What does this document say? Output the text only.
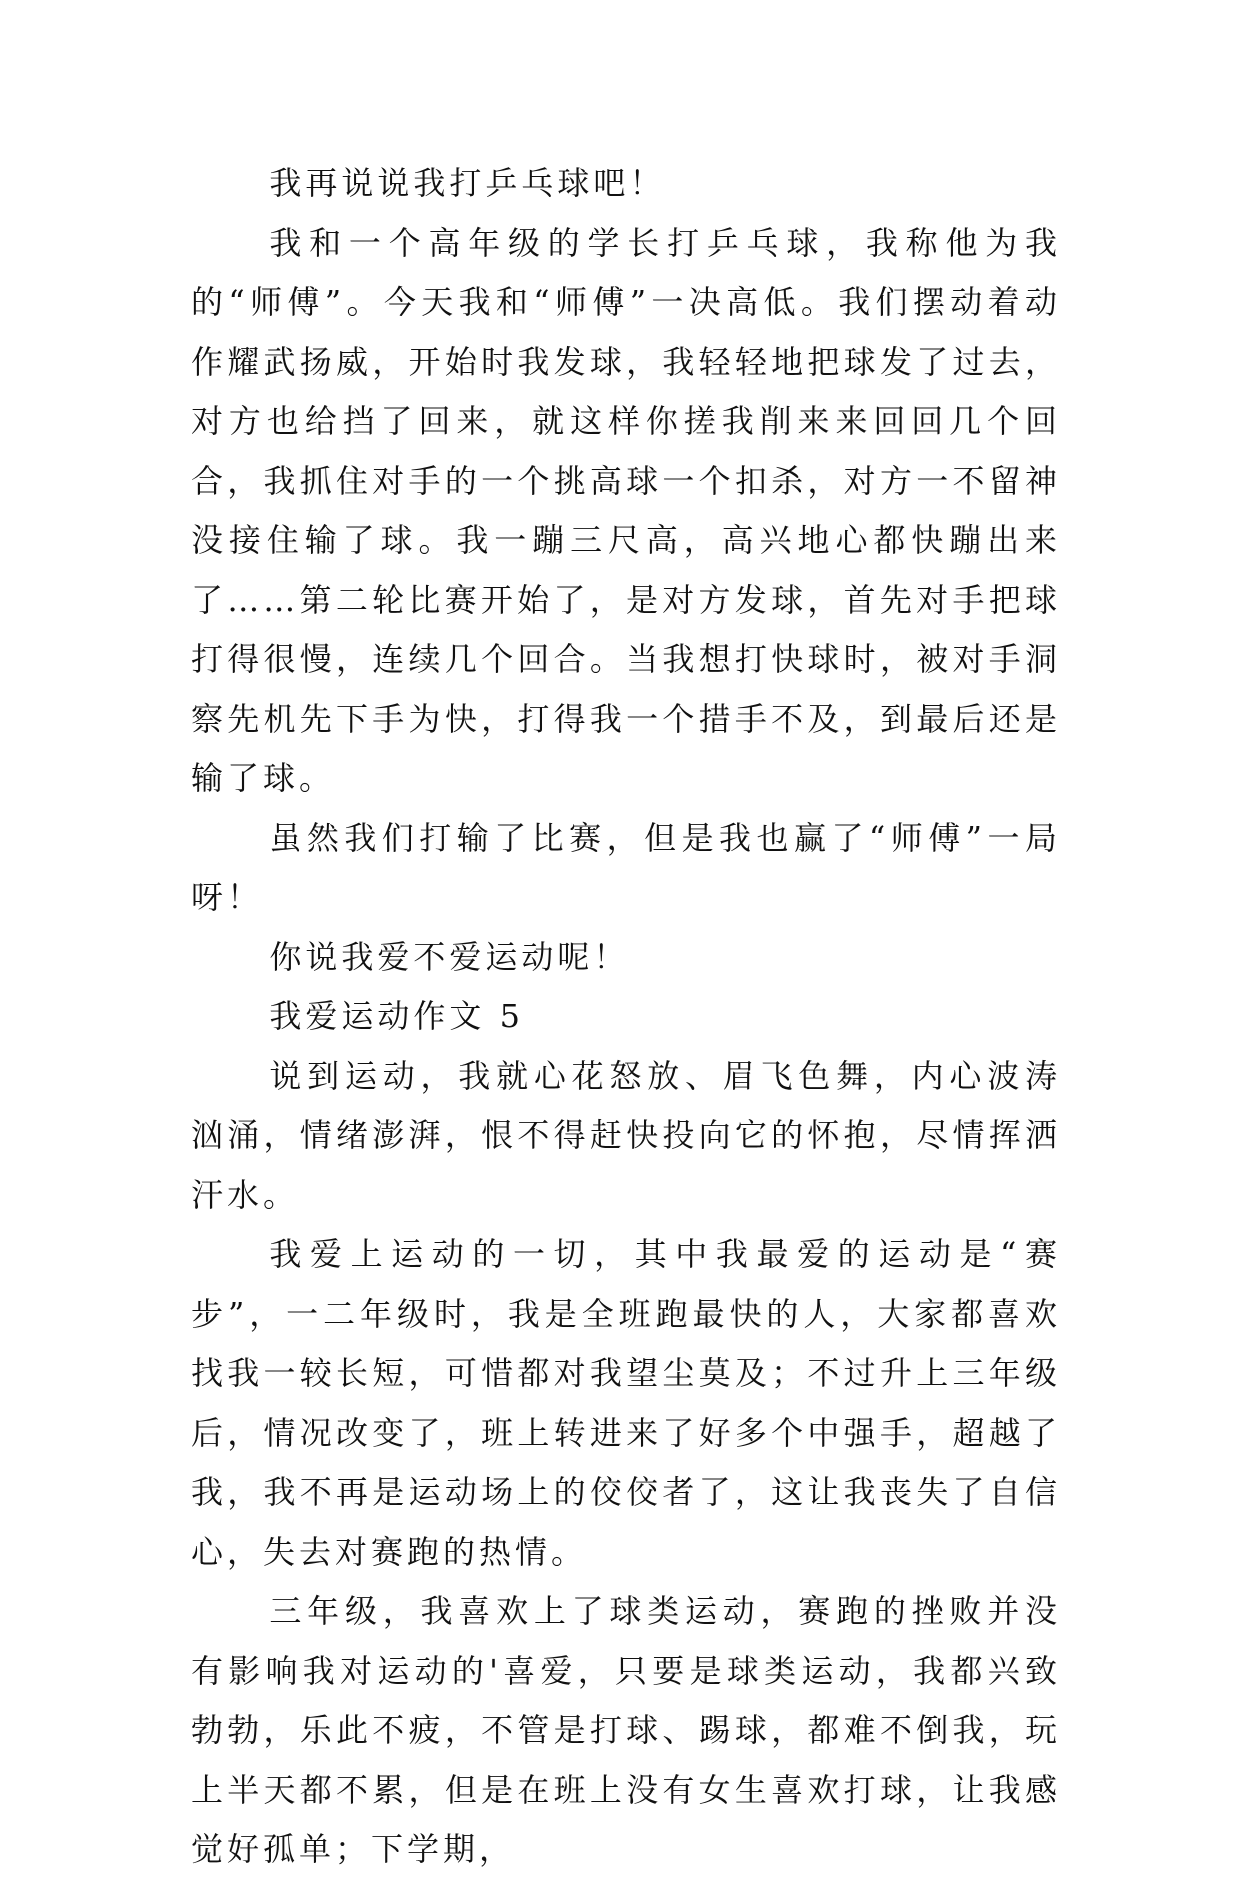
我再说说我打乒乓球吧！

我和一个高年级的学长打乒乓球，我称他为我的“师傅”。今天我和“师傅”一决高低。我们摆动着动作耀武扬威，开始时我发球，我轻轻地把球发了过去，对方也给挡了回来，就这样你搓我削来来回回几个回合，我抓住对手的一个挑高球一个扣杀，对方一不留神没接住输了球。我一蹦三尺高，高兴地心都快蹦出来了……第二轮比赛开始了，是对方发球，首先对手把球打得很慢，连续几个回合。当我想打快球时，被对手洞察先机先下手为快，打得我一个措手不及，到最后还是输了球。

虽然我们打输了比赛，但是我也赢了“师傅”一局呀！

你说我爱不爱运动呢！

我爱运动作文 5

说到运动，我就心花怒放、眉飞色舞，内心波涛汹涌，情绪澎湃，恨不得赶快投向它的怀抱，尽情挥洒汗水。

我爱上运动的一切，其中我最爱的运动是“赛步”，一二年级时，我是全班跑最快的人，大家都喜欢找我一较长短，可惜都对我望尘莫及；不过升上三年级后，情况改变了，班上转进来了好多个中强手，超越了我，我不再是运动场上的佼佼者了，这让我丧失了自信心，失去对赛跑的热情。

三年级，我喜欢上了球类运动，赛跑的挫败并没有影响我对运动的'喜爱，只要是球类运动，我都兴致勃勃，乐此不疲，不管是打球、踢球，都难不倒我，玩上半天都不累，但是在班上没有女生喜欢打球，让我感觉好孤单；下学期，
